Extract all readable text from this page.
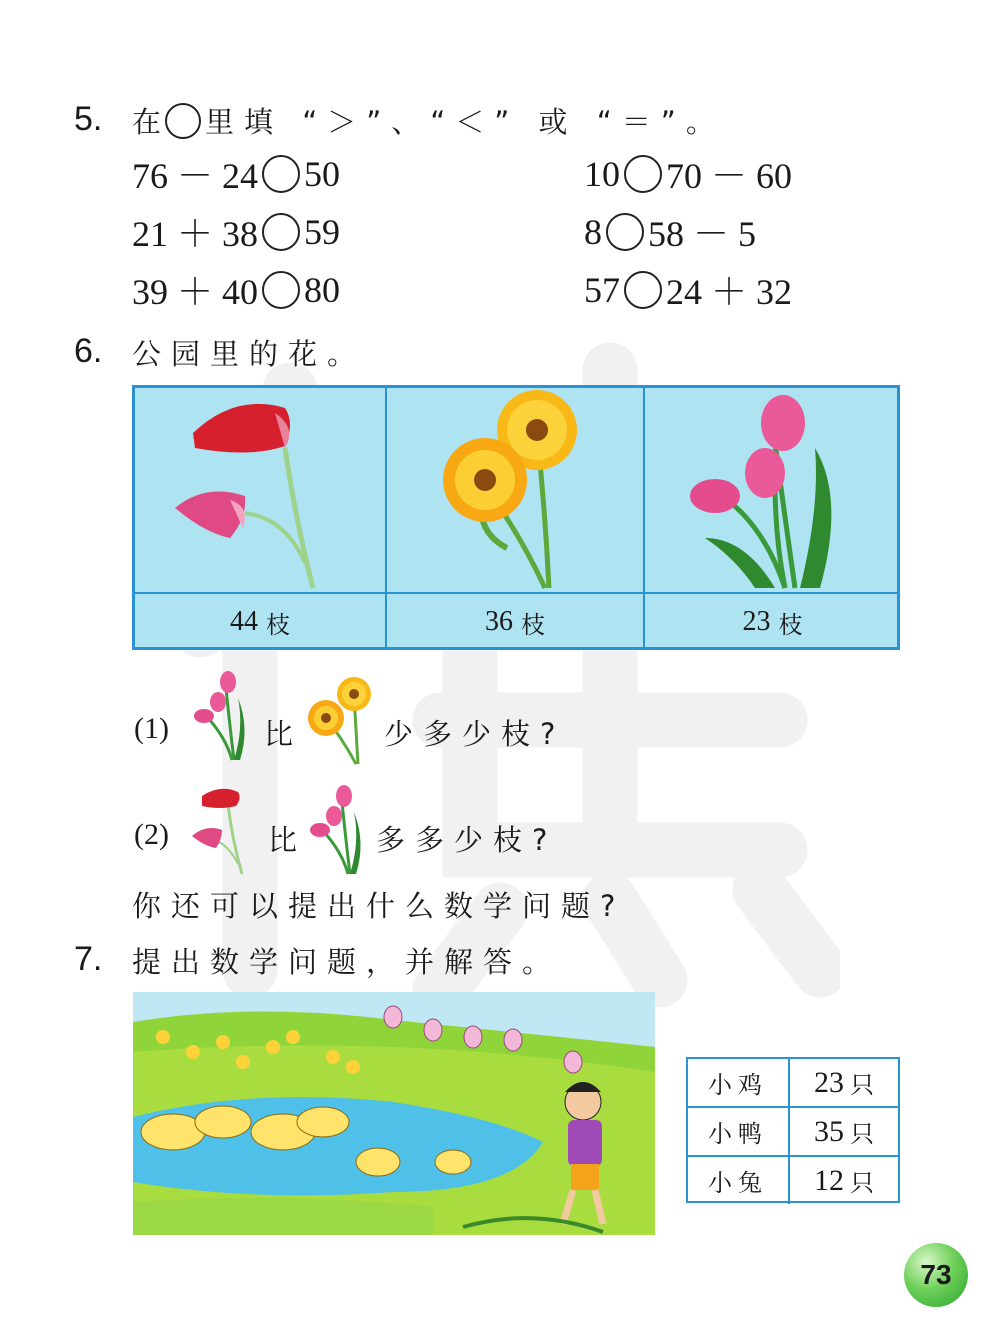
5. 在 里填 “＞”、“＜” 或 “＝”。
76 － 24 50
21 ＋ 38 59
39 ＋ 40 80
10 70 － 60
8 58 － 5
57 24 ＋ 32
6. 公园里的花。
44 枝	36 枝	23 枝
(1)	比	少多少枝?
(2)	比 多多少枝?
你还可以提出什么数学问题?
7. 提出数学问题，并解答。
小鸡	23 只
小鸭	35 只
小兔	12 只
73
